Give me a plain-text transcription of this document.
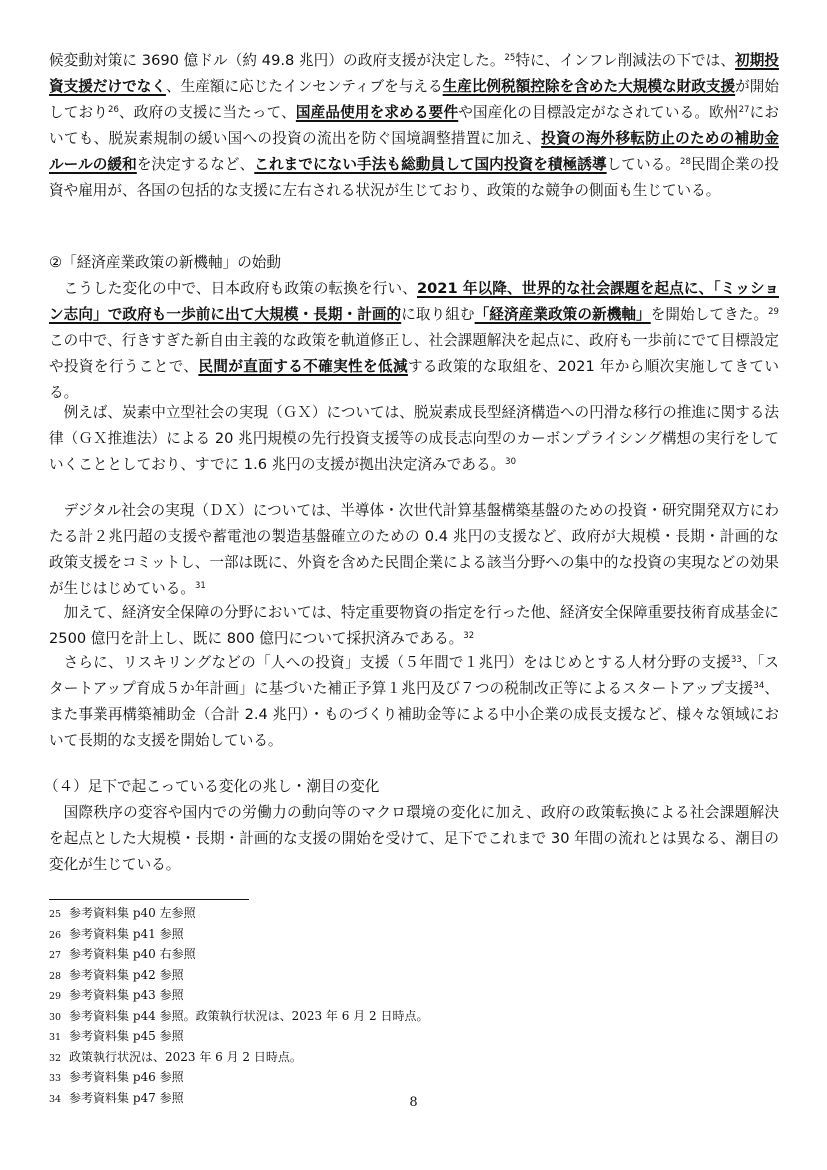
候変動対策に 3690 億ドル（約 49.8 兆円）の政府支援が決定した。$^{25}$特に、インフレ削減法の下では、初期投資支援だけでなく、生産額に応じたインセンティブを与える生産比例税額控除を含めた大規模な財政支援が開始しており$^{26}$、政府の支援に当たって、国産品使用を求める要件や国産化の目標設定がなされている。欧州$^{27}$においても、脱炭素規制の緩い国への投資の流出を防ぐ国境調整措置に加え、投資の海外移転防止のための補助金ルールの緩和を決定するなど、これまでにない手法も総動員して国内投資を積極誘導している。$^{28}$民間企業の投資や雇用が、各国の包括的な支援に左右される状況が生じており、政策的な競争の側面も生じている。

②「経済産業政策の新機軸」の始動

こうした変化の中で、日本政府も政策の転換を行い、2021 年以降、世界的な社会課題を起点に、「ミッション志向」で政府も一歩前に出て大規模・長期・計画的に取り組む「経済産業政策の新機軸」を開始してきた。$^{29}$この中で、行きすぎた新自由主義的な政策を軌道修正し、社会課題解決を起点に、政府も一歩前にでて目標設定や投資を行うことで、民間が直面する不確実性を低減する政策的な取組を、2021 年から順次実施してきている。

例えば、炭素中立型社会の実現（ＧＸ）については、脱炭素成長型経済構造への円滑な移行の推進に関する法律（ＧＸ推進法）による 20 兆円規模の先行投資支援等の成長志向型のカーボンプライシング構想の実行をしていくこととしており、すでに 1.6 兆円の支援が拠出決定済みである。$^{30}$

デジタル社会の実現（ＤＸ）については、半導体・次世代計算基盤構築基盤のための投資・研究開発双方にわたる計２兆円超の支援や蓄電池の製造基盤確立のための 0.4 兆円の支援など、政府が大規模・長期・計画的な政策支援をコミットし、一部は既に、外資を含めた民間企業による該当分野への集中的な投資の実現などの効果が生じはじめている。$^{31}$

加えて、経済安全保障の分野においては、特定重要物資の指定を行った他、経済安全保障重要技術育成基金に 2500 億円を計上し、既に 800 億円について採択済みである。$^{32}$

さらに、リスキリングなどの「人への投資」支援（５年間で１兆円）をはじめとする人材分野の支援$^{33}$、「スタートアップ育成５か年計画」に基づいた補正予算１兆円及び７つの税制改正等によるスタートアップ支援$^{34}$、また事業再構築補助金（合計 2.4 兆円）・ものづくり補助金等による中小企業の成長支援など、様々な領域において長期的な支援を開始している。

（４）足下で起こっている変化の兆し・潮目の変化

国際秩序の変容や国内での労働力の動向等のマクロ環境の変化に加え、政府の政策転換による社会課題解決を起点とした大規模・長期・計画的な支援の開始を受けて、足下でこれまで 30 年間の流れとは異なる、潮目の変化が生じている。

25 参考資料集 p40 左参照
26 参考資料集 p41 参照
27 参考資料集 p40 右参照
28 参考資料集 p42 参照
29 参考資料集 p43 参照
30 参考資料集 p44 参照。政策執行状況は、2023 年 6 月 2 日時点。
31 参考資料集 p45 参照
32 政策執行状況は、2023 年 6 月 2 日時点。
33 参考資料集 p46 参照
34 参考資料集 p47 参照	8
